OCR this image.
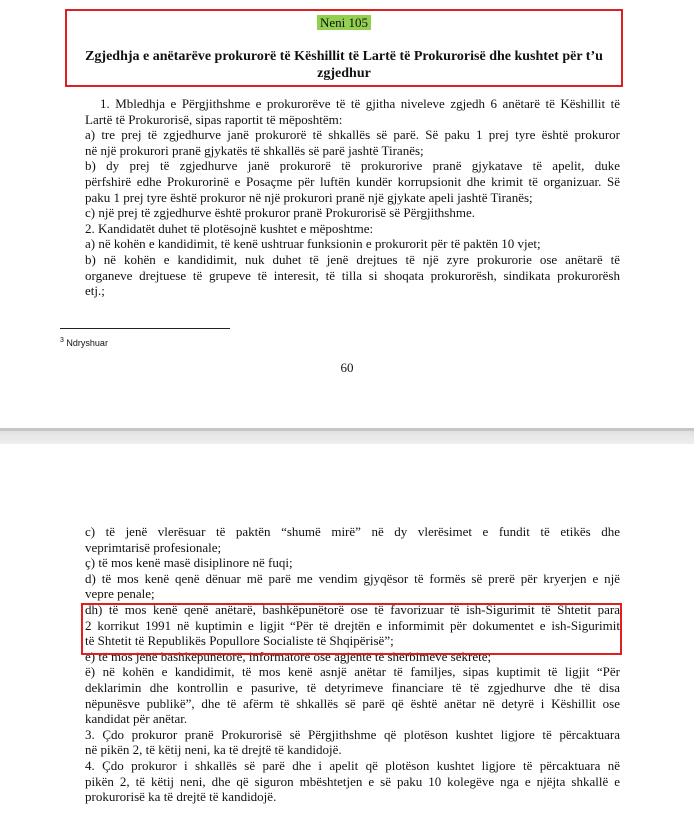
Neni 105
Zgjedhja e anëtarëve prokurorë të Këshillit të Lartë të Prokurorisë dhe kushtet për t’u zgjedhur
1. Mbledhja e Përgjithshme e prokurorëve të të gjitha niveleve zgjedh 6 anëtarë të Këshillit të
Lartë të Prokurorisë, sipas raportit të mëposhtëm:
a) tre prej të zgjedhurve janë prokurorë të shkallës së parë. Së paku 1 prej tyre është prokuror
në një prokurori pranë gjykatës të shkallës së parë jashtë Tiranës;
b) dy prej të zgjedhurve janë prokurorë të prokurorive pranë gjykatave të apelit, duke
përfshirë edhe Prokurorinë e Posaçme për luftën kundër korrupsionit dhe krimit të organizuar. Së
paku 1 prej tyre është prokuror në një prokurori pranë një gjykate apeli jashtë Tiranës;
c) një prej të zgjedhurve është prokuror pranë Prokurorisë së Përgjithshme.
2. Kandidatët duhet të plotësojnë kushtet e mëposhtme:
a) në kohën e kandidimit, të kenë ushtruar funksionin e prokurorit për të paktën 10 vjet;
b) në kohën e kandidimit, nuk duhet të jenë drejtues të një zyre prokurorie ose anëtarë të
organeve drejtuese të grupeve të interesit, të tilla si shoqata prokurorësh, sindikata prokurorësh
etj.;
$^3$ Ndryshuar
60
c) të jenë vlerësuar të paktën “shumë mirë” në dy vlerësimet e fundit të etikës dhe
veprimtarisë profesionale;
ç) të mos kenë masë disiplinore në fuqi;
d) të mos kenë qenë dënuar më parë me vendim gjyqësor të formës së prerë për kryerjen e një
vepre penale;
dh) të mos kenë qenë anëtarë, bashkëpunëtorë ose të favorizuar të ish-Sigurimit të Shtetit para
2 korrikut 1991 në kuptimin e ligjit “Për të drejtën e informimit për dokumentet e ish-Sigurimit
të Shtetit të Republikës Popullore Socialiste të Shqipërisë”;
e) të mos jenë bashkëpunëtorë, informatorë ose agjentë të shërbimeve sekrete;
ë) në kohën e kandidimit, të mos kenë asnjë anëtar të familjes, sipas kuptimit të ligjit “Për
deklarimin dhe kontrollin e pasurive, të detyrimeve financiare të të zgjedhurve dhe të disa
nëpunësve publikë”, dhe të afërm të shkallës së parë që është anëtar në detyrë i Këshillit ose
kandidat për anëtar.
3. Çdo prokuror pranë Prokurorisë së Përgjithshme që plotëson kushtet ligjore të përcaktuara
në pikën 2, të këtij neni, ka të drejtë të kandidojë.
4. Çdo prokuror i shkallës së parë dhe i apelit që plotëson kushtet ligjore të përcaktuara në
pikën 2, të këtij neni, dhe që siguron mbështetjen e së paku 10 kolegëve nga e njëjta shkallë e
prokurorisë ka të drejtë të kandidojë.
